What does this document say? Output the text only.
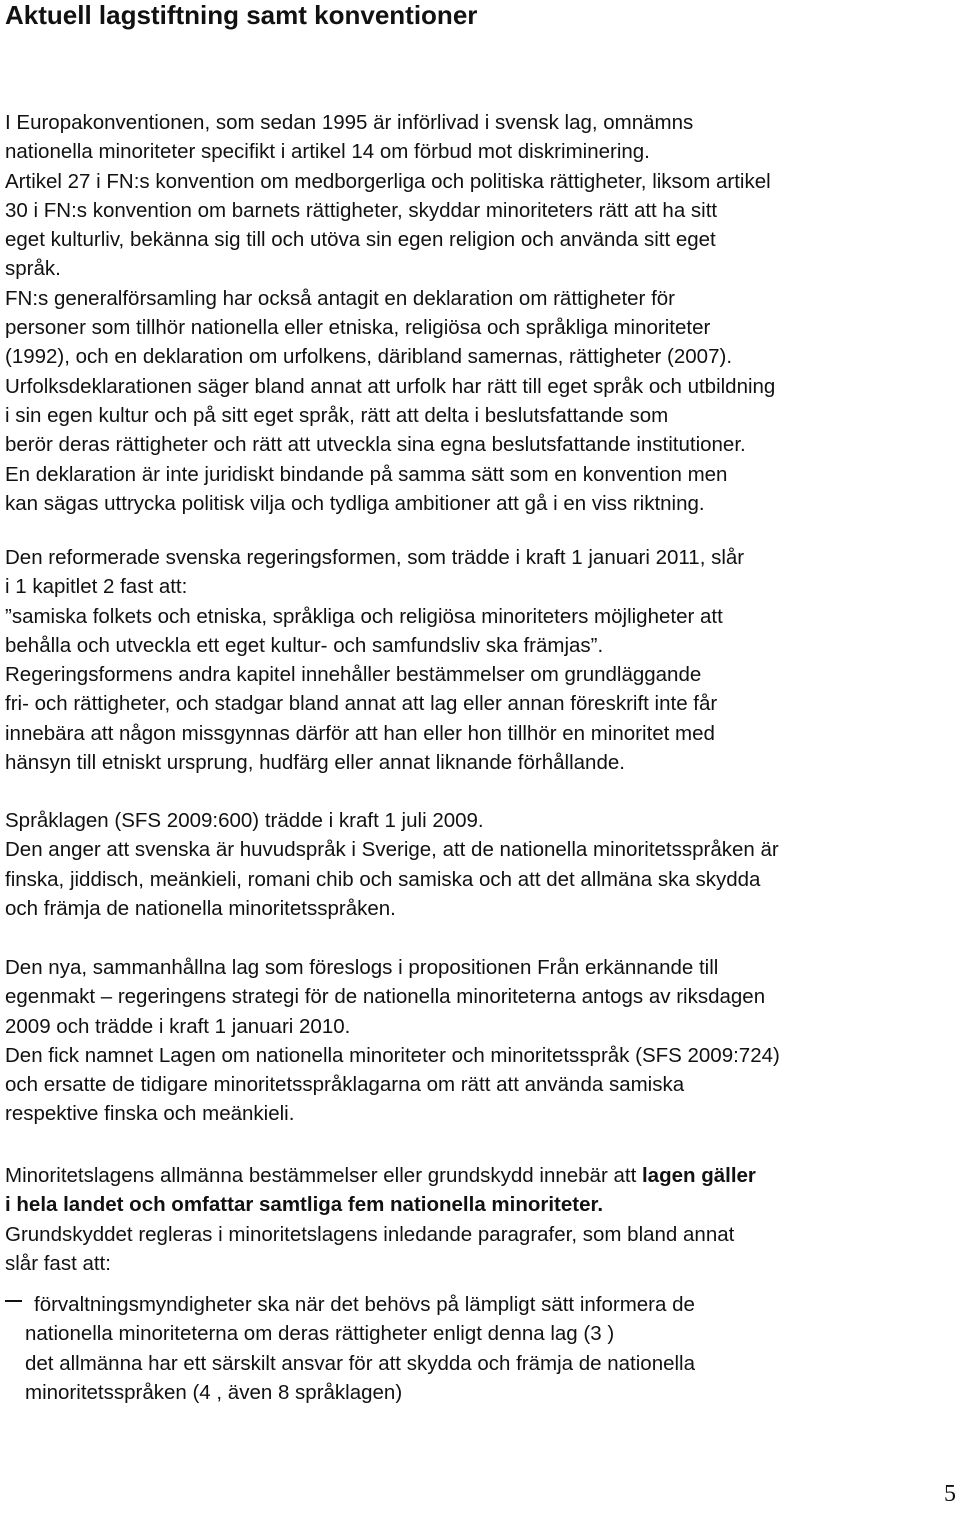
Aktuell lagstiftning samt konventioner
I Europakonventionen, som sedan 1995 är införlivad i svensk lag, omnämns
nationella minoriteter specifikt i artikel 14 om förbud mot diskriminering.
Artikel 27 i FN:s konvention om medborgerliga och politiska rättigheter, liksom artikel
30 i FN:s konvention om barnets rättigheter, skyddar minoriteters rätt att ha sitt
eget kulturliv, bekänna sig till och utöva sin egen religion och använda sitt eget
språk.
FN:s generalförsamling har också antagit en deklaration om rättigheter för
personer som tillhör nationella eller etniska, religiösa och språkliga minoriteter
(1992), och en deklaration om urfolkens, däribland samernas, rättigheter (2007).
Urfolksdeklarationen säger bland annat att urfolk har rätt till eget språk och utbildning
i sin egen kultur och på sitt eget språk, rätt att delta i beslutsfattande som
berör deras rättigheter och rätt att utveckla sina egna beslutsfattande institutioner.
En deklaration är inte juridiskt bindande på samma sätt som en konvention men
kan sägas uttrycka politisk vilja och tydliga ambitioner att gå i en viss riktning.
Den reformerade svenska regeringsformen, som trädde i kraft 1 januari 2011, slår
i 1 kapitlet 2 fast att:
”samiska folkets och etniska, språkliga och religiösa minoriteters möjligheter att
behålla och utveckla ett eget kultur- och samfundsliv ska främjas”.
Regeringsformens andra kapitel innehåller bestämmelser om grundläggande
fri- och rättigheter, och stadgar bland annat att lag eller annan föreskrift inte får
innebära att någon missgynnas därför att han eller hon tillhör en minoritet med
hänsyn till etniskt ursprung, hudfärg eller annat liknande förhållande.
Språklagen (SFS 2009:600) trädde i kraft 1 juli 2009.
Den anger att svenska är huvudspråk i Sverige, att de nationella minoritetsspråken är
finska, jiddisch, meänkieli, romani chib och samiska och att det allmäna ska skydda
och främja de nationella minoritetsspråken.
Den nya, sammanhållna lag som föreslogs i propositionen Från erkännande till
egenmakt – regeringens strategi för de nationella minoriteterna antogs av riksdagen
2009 och trädde i kraft 1 januari 2010.
Den fick namnet Lagen om nationella minoriteter och minoritetsspråk (SFS 2009:724)
och ersatte de tidigare minoritetsspråklagarna om rätt att använda samiska
respektive finska och meänkieli.
Minoritetslagens allmänna bestämmelser eller grundskydd innebär att lagen gäller
i hela landet och omfattar samtliga fem nationella minoriteter.
Grundskyddet regleras i minoritetslagens inledande paragrafer, som bland annat
slår fast att:
förvaltningsmyndigheter ska när det behövs på lämpligt sätt informera de
nationella minoriteterna om deras rättigheter enligt denna lag (3 )
det allmänna har ett särskilt ansvar för att skydda och främja de nationella
minoritetsspråken (4 , även 8 språklagen)
5
